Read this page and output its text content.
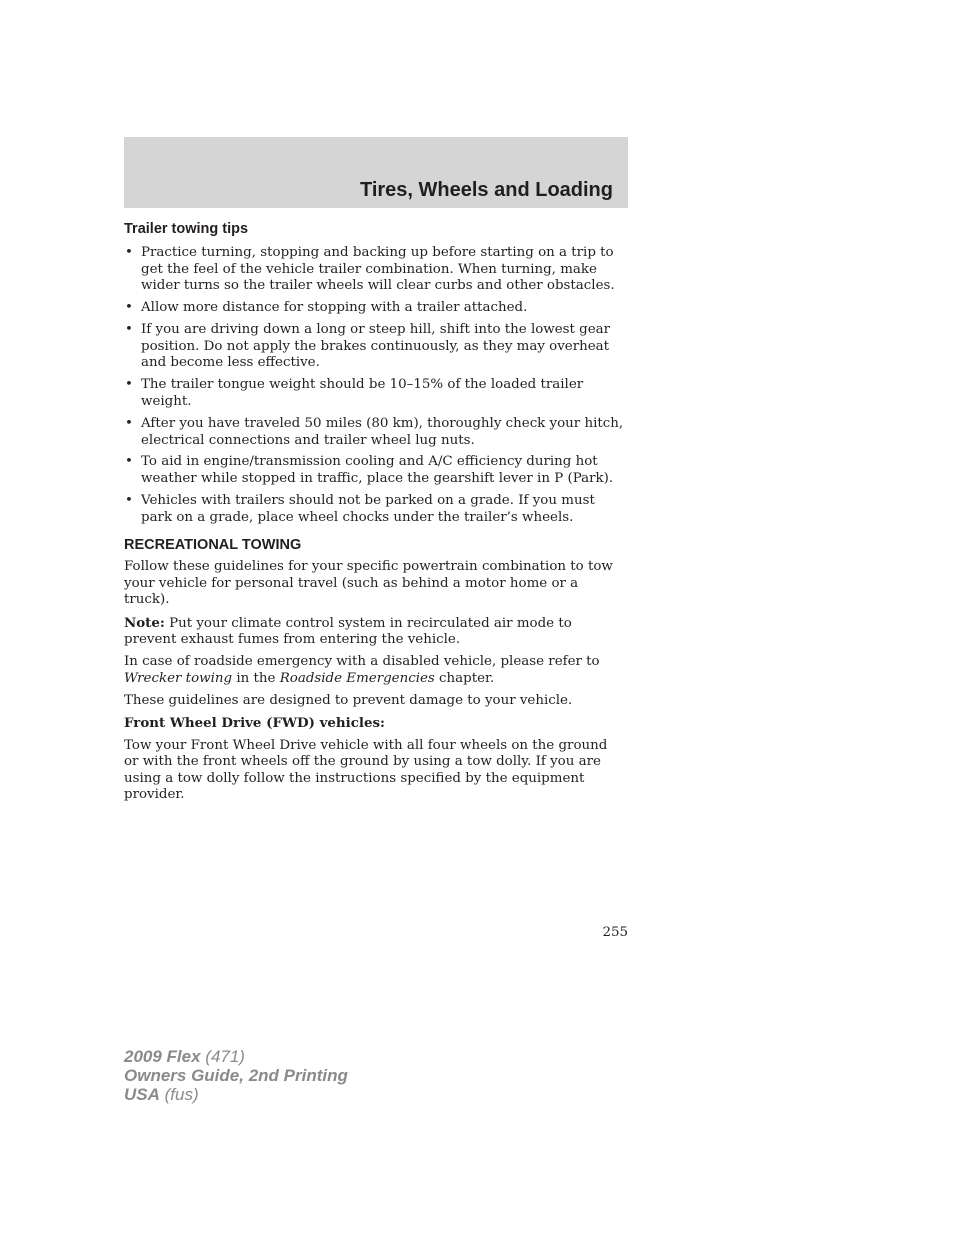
Tires, Wheels and Loading
Trailer towing tips
• Practice turning, stopping and backing up before starting on a trip to get the feel of the vehicle trailer combination. When turning, make wider turns so the trailer wheels will clear curbs and other obstacles.
• Allow more distance for stopping with a trailer attached.
• If you are driving down a long or steep hill, shift into the lowest gear position. Do not apply the brakes continuously, as they may overheat and become less effective.
• The trailer tongue weight should be 10–15% of the loaded trailer weight.
• After you have traveled 50 miles (80 km), thoroughly check your hitch, electrical connections and trailer wheel lug nuts.
• To aid in engine/transmission cooling and A/C efficiency during hot weather while stopped in traffic, place the gearshift lever in P (Park).
• Vehicles with trailers should not be parked on a grade. If you must park on a grade, place wheel chocks under the trailer’s wheels.
RECREATIONAL TOWING

Follow these guidelines for your specific powertrain combination to tow your vehicle for personal travel (such as behind a motor home or a truck).

Note: Put your climate control system in recirculated air mode to prevent exhaust fumes from entering the vehicle.

In case of roadside emergency with a disabled vehicle, please refer to Wrecker towing in the Roadside Emergencies chapter.

These guidelines are designed to prevent damage to your vehicle.

Front Wheel Drive (FWD) vehicles:

Tow your Front Wheel Drive vehicle with all four wheels on the ground or with the front wheels off the ground by using a tow dolly. If you are using a tow dolly follow the instructions specified by the equipment provider.

255
2009 Flex (471)
Owners Guide, 2nd Printing
USA (fus)
